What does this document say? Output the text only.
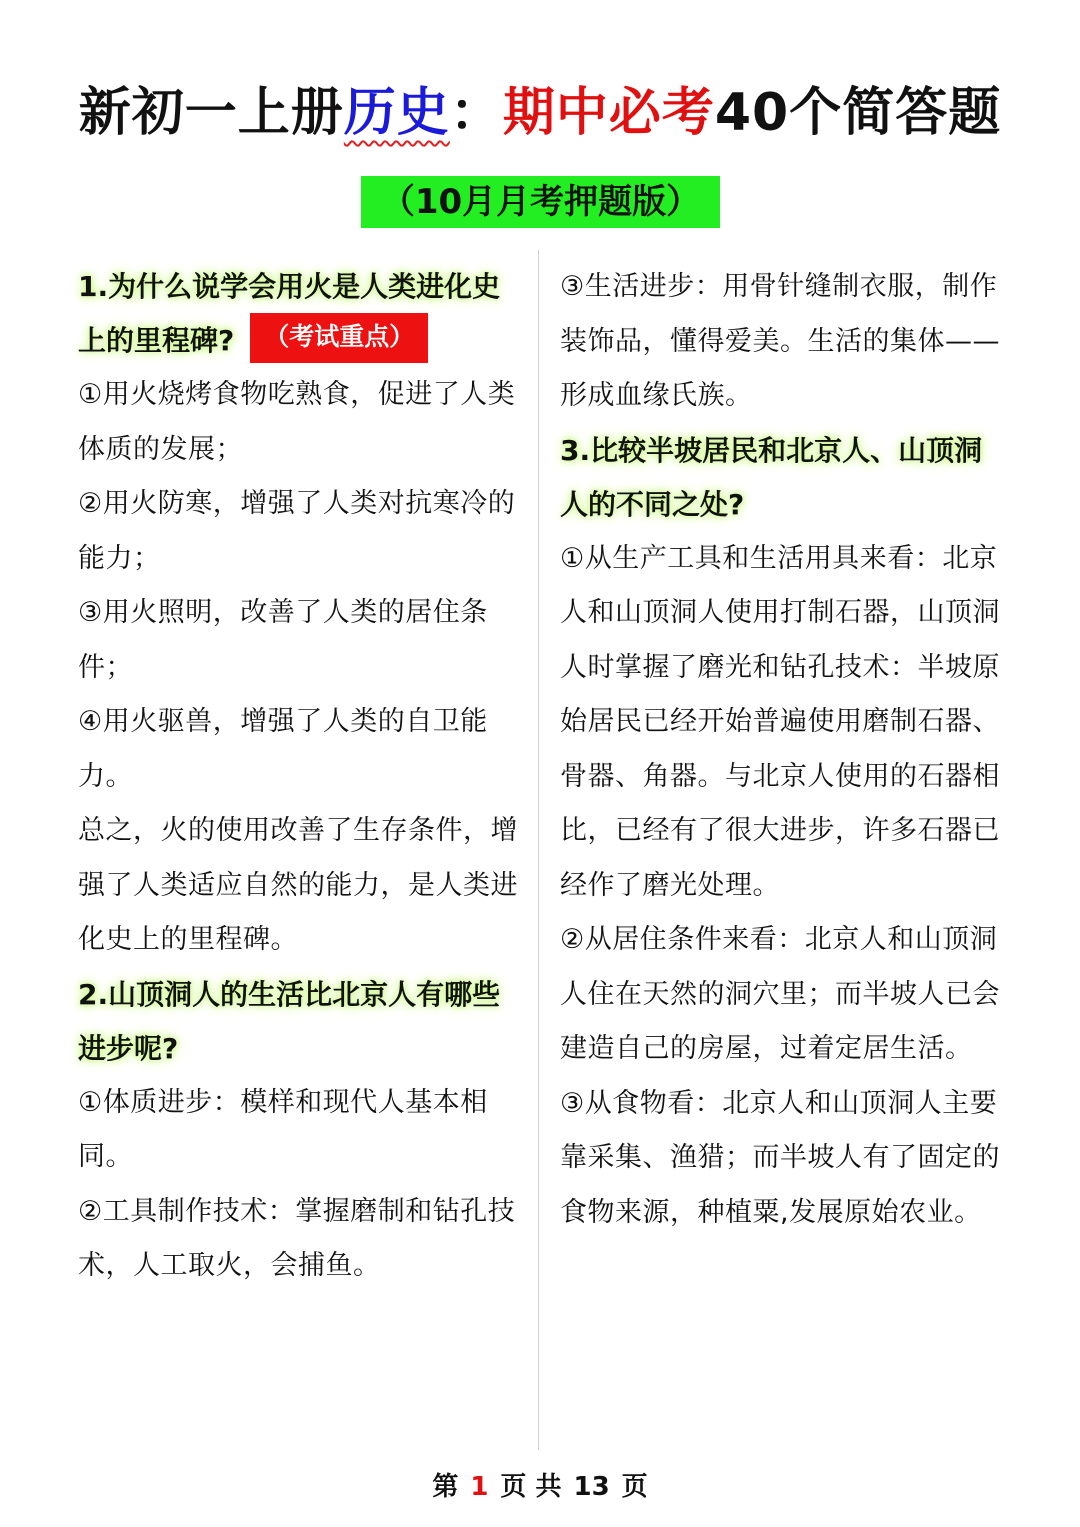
新初一上册历史：期中必考40个简答题
（10月月考押题版）

1.为什么说学会用火是人类进化史上的里程碑? （考试重点）

①用火烧烤食物吃熟食，促进了人类体质的发展；

②用火防寒，增强了人类对抗寒冷的能力；

③用火照明，改善了人类的居住条件；

④用火驱兽，增强了人类的自卫能力。

总之，火的使用改善了生存条件，增强了人类适应自然的能力，是人类进化史上的里程碑。

2.山顶洞人的生活比北京人有哪些进步呢?

①体质进步：模样和现代人基本相同。

②工具制作技术：掌握磨制和钻孔技术，人工取火，会捕鱼。

③生活进步：用骨针缝制衣服，制作装饰品，懂得爱美。生活的集体——形成血缘氏族。

3.比较半坡居民和北京人、山顶洞人的不同之处?

①从生产工具和生活用具来看：北京人和山顶洞人使用打制石器，山顶洞人时掌握了磨光和钻孔技术：半坡原始居民已经开始普遍使用磨制石器、骨器、角器。与北京人使用的石器相比，已经有了很大进步，许多石器已经作了磨光处理。

②从居住条件来看：北京人和山顶洞人住在天然的洞穴里；而半坡人已会建造自己的房屋，过着定居生活。

③从食物看：北京人和山顶洞人主要靠采集、渔猎；而半坡人有了固定的食物来源，种植粟,发展原始农业。

第 1 页 共 13 页
